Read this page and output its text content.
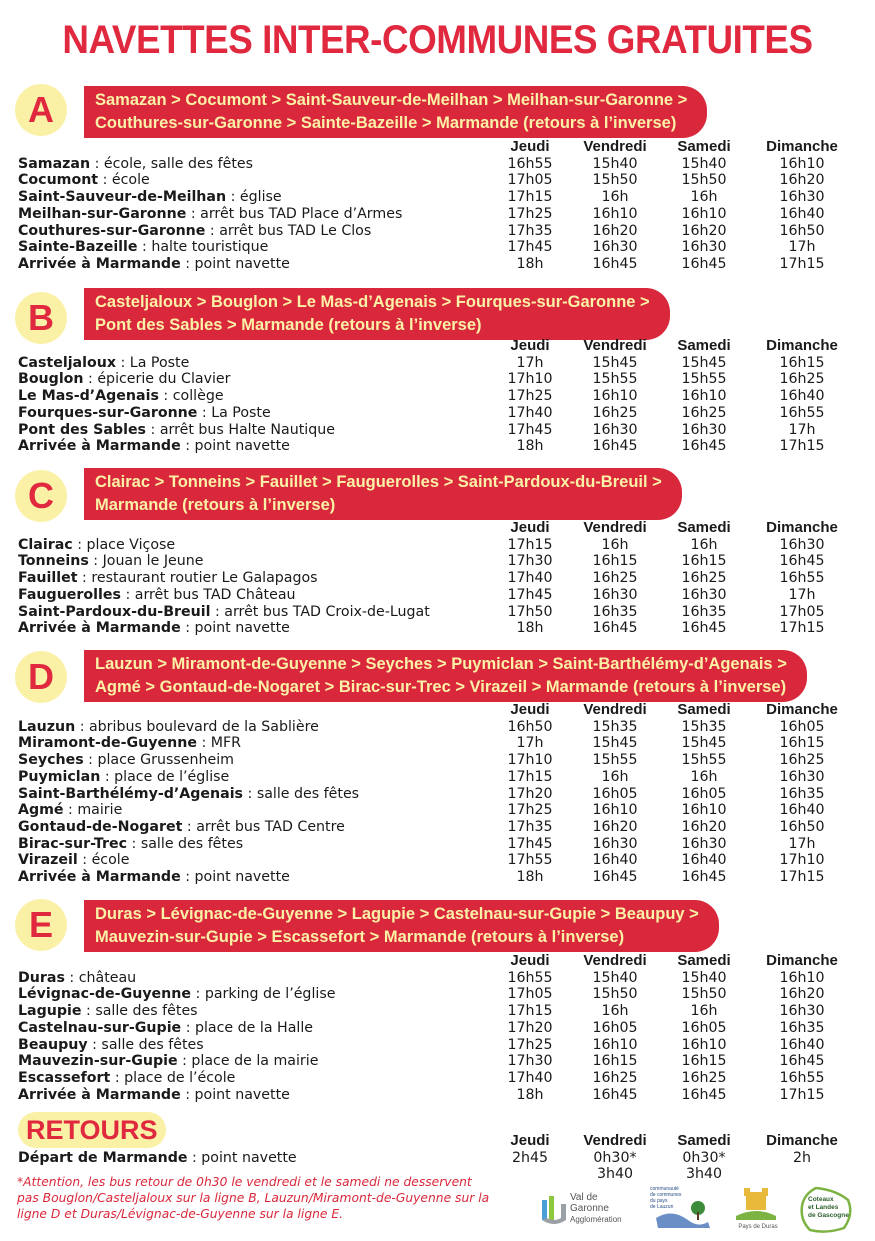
NAVETTES INTER-COMMUNES GRATUITES
A	Samazan > Cocumont > Saint-Sauveur-de-Meilhan > Meilhan-sur-Garonne >
Couthures-sur-Garonne > Sainte-Bazeille > Marmande (retours à l’inverse)
Jeudi	Vendredi	Samedi	Dimanche
Samazan : école, salle des fêtes	16h55	15h40	15h40	16h10
Cocumont : école	17h05	15h50	15h50	16h20
Saint-Sauveur-de-Meilhan : église	17h15	16h	16h	16h30
Meilhan-sur-Garonne : arrêt bus TAD Place d’Armes	17h25	16h10	16h10	16h40
Couthures-sur-Garonne : arrêt bus TAD Le Clos	17h35	16h20	16h20	16h50
Sainte-Bazeille : halte touristique	17h45	16h30	16h30	17h
Arrivée à Marmande : point navette	18h	16h45	16h45	17h15
B	Casteljaloux > Bouglon > Le Mas-d’Agenais > Fourques-sur-Garonne >
Pont des Sables > Marmande (retours à l’inverse)
Jeudi	Vendredi	Samedi	Dimanche
Casteljaloux : La Poste	17h	15h45	15h45	16h15
Bouglon : épicerie du Clavier	17h10	15h55	15h55	16h25
Le Mas-d’Agenais : collège	17h25	16h10	16h10	16h40
Fourques-sur-Garonne : La Poste	17h40	16h25	16h25	16h55
Pont des Sables : arrêt bus Halte Nautique	17h45	16h30	16h30	17h
Arrivée à Marmande : point navette	18h	16h45	16h45	17h15
C	Clairac > Tonneins > Fauillet > Fauguerolles > Saint-Pardoux-du-Breuil >
Marmande (retours à l’inverse)
Jeudi	Vendredi	Samedi	Dimanche
Clairac : place Viçose	17h15	16h	16h	16h30
Tonneins : Jouan le Jeune	17h30	16h15	16h15	16h45
Fauillet : restaurant routier Le Galapagos	17h40	16h25	16h25	16h55
Fauguerolles : arrêt bus TAD Château	17h45	16h30	16h30	17h
Saint-Pardoux-du-Breuil : arrêt bus TAD Croix-de-Lugat	17h50	16h35	16h35	17h05
Arrivée à Marmande : point navette	18h	16h45	16h45	17h15
D	Lauzun > Miramont-de-Guyenne > Seyches > Puymiclan > Saint-Barthélémy-d’Agenais >
Agmé > Gontaud-de-Nogaret > Birac-sur-Trec > Virazeil > Marmande (retours à l’inverse)
Jeudi	Vendredi	Samedi	Dimanche
Lauzun : abribus boulevard de la Sablière	16h50	15h35	15h35	16h05
Miramont-de-Guyenne : MFR	17h	15h45	15h45	16h15
Seyches : place Grussenheim	17h10	15h55	15h55	16h25
Puymiclan : place de l’église	17h15	16h	16h	16h30
Saint-Barthélémy-d’Agenais : salle des fêtes	17h20	16h05	16h05	16h35
Agmé : mairie	17h25	16h10	16h10	16h40
Gontaud-de-Nogaret : arrêt bus TAD Centre	17h35	16h20	16h20	16h50
Birac-sur-Trec : salle des fêtes	17h45	16h30	16h30	17h
Virazeil : école	17h55	16h40	16h40	17h10
Arrivée à Marmande : point navette	18h	16h45	16h45	17h15
E	Duras > Lévignac-de-Guyenne > Lagupie > Castelnau-sur-Gupie > Beaupuy >
Mauvezin-sur-Gupie > Escassefort > Marmande (retours à l’inverse)
Jeudi	Vendredi	Samedi	Dimanche
Duras : château	16h55	15h40	15h40	16h10
Lévignac-de-Guyenne : parking de l’église	17h05	15h50	15h50	16h20
Lagupie : salle des fêtes	17h15	16h	16h	16h30
Castelnau-sur-Gupie : place de la Halle	17h20	16h05	16h05	16h35
Beaupuy : salle des fêtes	17h25	16h10	16h10	16h40
Mauvezin-sur-Gupie : place de la mairie	17h30	16h15	16h15	16h45
Escassefort : place de l’école	17h40	16h25	16h25	16h55
Arrivée à Marmande : point navette	18h	16h45	16h45	17h15
RETOURS	Jeudi	Vendredi	Samedi	Dimanche
Départ de Marmande : point navette	2h45	0h30*	0h30*	2h
3h40	3h40
*Attention, les bus retour de 0h30 le vendredi et le samedi ne desservent pas Bouglon/Casteljaloux sur la ligne B, Lauzun/Miramont-de-Guyenne sur la ligne D et Duras/Lévignac-de-Guyenne sur la ligne E.
Val de
Garonne
Agglomération
communauté
de communes
du pays
de Lauzun
Pays de Duras
Coteaux
et Landes
de Gascogne
